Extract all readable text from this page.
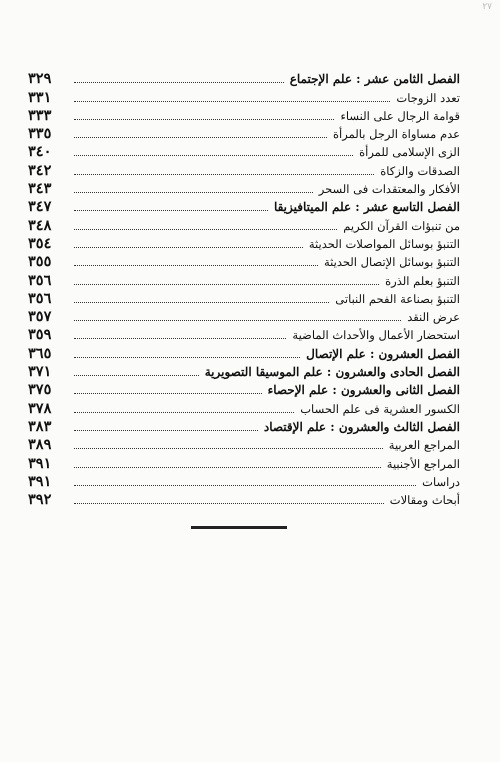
٢٧
٣٢٩	الفصل الثامن عشر : علم الإجتماع
٣٣١	تعدد الزوجات
٣٣٣	قوامة الرجال على النساء
٣٣٥	عدم مساواة الرجل بالمرأة
٣٤٠	الزى الإسلامى للمرأة
٣٤٢	الصدقات والزكاة
٣٤٣	الأفكار والمعتقدات فى السحر
٣٤٧	الفصل التاسع عشر : علم الميتافيزيقا
٣٤٨	من تنبؤات القرآن الكريم
٣٥٤	التنبؤ بوسائل المواصلات الحديثة
٣٥٥	التنبؤ بوسائل الإتصال الحديثة
٣٥٦	التنبؤ بعلم الذرة
٣٥٦	التنبؤ بصناعة الفحم النباتى
٣٥٧	عرض النقد
٣٥٩	استحضار الأعمال والأحداث الماضية
٣٦٥	الفصل العشرون : علم الإتصال
٣٧١	الفصل الحادى والعشرون : علم الموسيقا التصويرية
٣٧٥	الفصل الثانى والعشرون : علم الإحصاء
٣٧٨	الكسور العشرية فى علم الحساب
٣٨٣	الفصل الثالث والعشرون : علم الإقتصاد
٣٨٩	المراجع العربية
٣٩١	المراجع الأجنبية
٣٩١	دراسات
٣٩٢	أبحاث ومقالات
